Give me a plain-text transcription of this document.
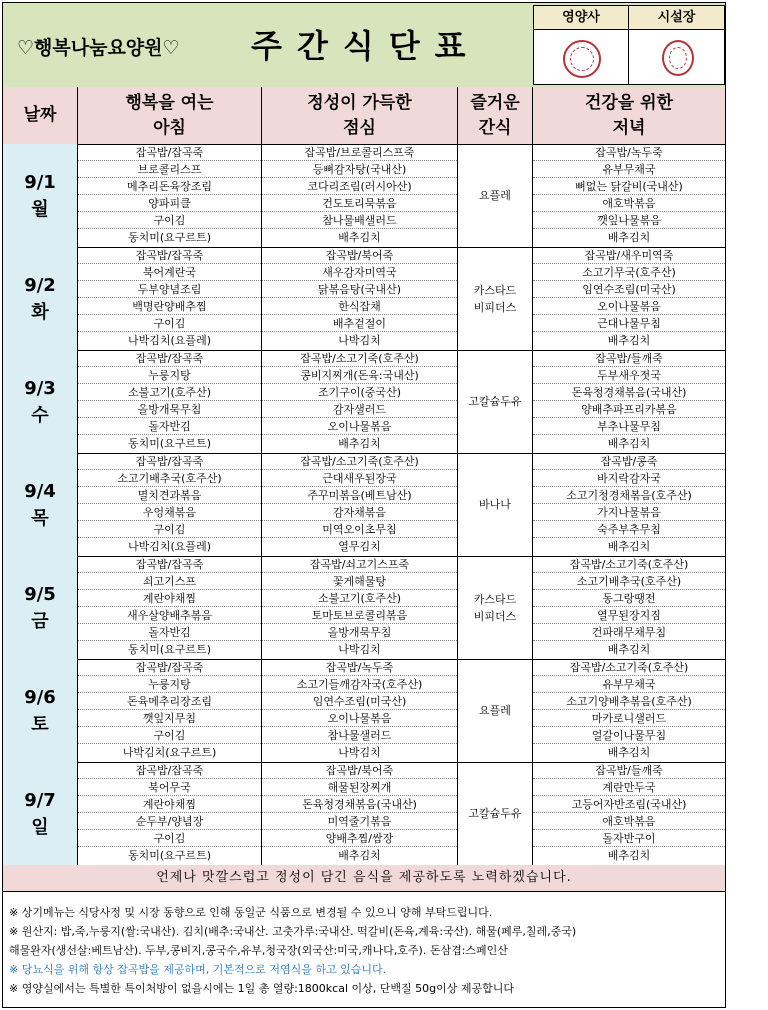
♡행복나눔요양원♡ 주간식단표
영양사	시설장
날짜
행복을 여는
아침
정성이 가득한
점심
즐거운
간식
건강을 위한
저녁
9/1
월
잡곡밥/잡곡죽
브로콜리스프
메추리돈육장조림
양파피클
구이김
동치미(요구르트)
잡곡밥/브로콜리스프죽
등뼈감자탕(국내산)
코다리조림(러시아산)
건도토리묵볶음
참나물배샐러드
배추김치
요플레
잡곡밥/녹두죽
유부무채국
뼈없는 닭갈비(국내산)
애호박볶음
깻잎나물볶음
배추김치
9/2
화
잡곡밥/잡곡죽
북어계란국
두부양념조림
백명란양배추찜
구이김
나박김치(요플레)
잡곡밥/북어죽
새우감자미역국
닭볶음탕(국내산)
한식잡채
배추겉절이
나박김치
카스타드
비피더스
잡곡밥/새우미역죽
소고기무국(호주산)
임연수조림(미국산)
오이나물볶음
근대나물무침
배추김치
9/3
수
잡곡밥/잡곡죽
누룽지탕
소불고기(호주산)
올방개묵무침
돌자반김
동치미(요구르트)
잡곡밥/소고기죽(호주산)
콩비지찌개(돈육:국내산)
조기구이(중국산)
감자샐러드
오이나물볶음
배추김치
고칼슘두유
잡곡밥/들깨죽
두부새우젓국
돈육청경채볶음(국내산)
양배추파프리카볶음
부추나물무침
배추김치
9/4
목
잡곡밥/잡곡죽
소고기배추국(호주산)
멸치견과볶음
우엉채볶음
구이김
나박김치(요플레)
잡곡밥/소고기죽(호주산)
근대새우된장국
주꾸미볶음(베트남산)
감자채볶음
미역오이초무침
열무김치
바나나
잡곡밥/콩죽
바지락감자국
소고기청경채볶음(호주산)
가지나물볶음
숙주부추무침
배추김치
9/5
금
잡곡밥/잡곡죽
쇠고기스프
계란야채찜
새우살양배추볶음
돌자반김
동치미(요구르트)
잡곡밥/쇠고기스프죽
꽃게해물탕
소불고기(호주산)
토마토브로콜리볶음
올방개묵무침
나박김치
카스타드
비피더스
잡곡밥/소고기죽(호주산)
소고기배추국(호주산)
동그랑땡전
열무된장지짐
건파래무채무침
배추김치
9/6
토
잡곡밥/잡곡죽
누룽지탕
돈육메추리장조림
깻잎지무침
구이김
나박김치(요구르트)
잡곡밥/녹두죽
소고기들깨감자국(호주산)
임연수조림(미국산)
오이나물볶음
참나물샐러드
나박김치
요플레
잡곡밥/소고기죽(호주산)
유부무채국
소고기양배추볶음(호주산)
마카로니샐러드
얼갈이나물무침
배추김치
9/7
일
잡곡밥/잡곡죽
북어무국
계란야채찜
순두부/양념장
구이김
동치미(요구르트)
잡곡밥/북어죽
해물된장찌개
돈육청경채볶음(국내산)
미역줄기볶음
양배추찜/쌈장
배추김치
고칼슘두유
잡곡밥/들깨죽
계란만두국
고등어자반조림(국내산)
애호박볶음
돌자반구이
배추김치
언제나 맛깔스럽고 정성이 담긴 음식을 제공하도록 노력하겠습니다.
※ 상기메뉴는 식당사정 및 시장 동향으로 인해 동일군 식품으로 변경될 수 있으니 양해 부탁드립니다.
※ 원산지: 밥,죽,누룽지(쌀:국내산). 김치(배추:국내산. 고춧가루:국내산. 떡갈비(돈육,계육:국산). 해물(페루,칠레,중국)
해물완자(생선살:베트남산). 두부,콩비지,콩국수,유부,청국장(외국산:미국,캐나다,호주). 돈삼겹:스페인산
※ 당뇨식을 위해 항상 잡곡밥을 제공하며, 기본적으로 저염식을 하고 있습니다.
※ 영양실에서는 특별한 특이처방이 없을시에는 1일 총 열량:1800kcal 이상, 단백질 50g이상 제공합니다
